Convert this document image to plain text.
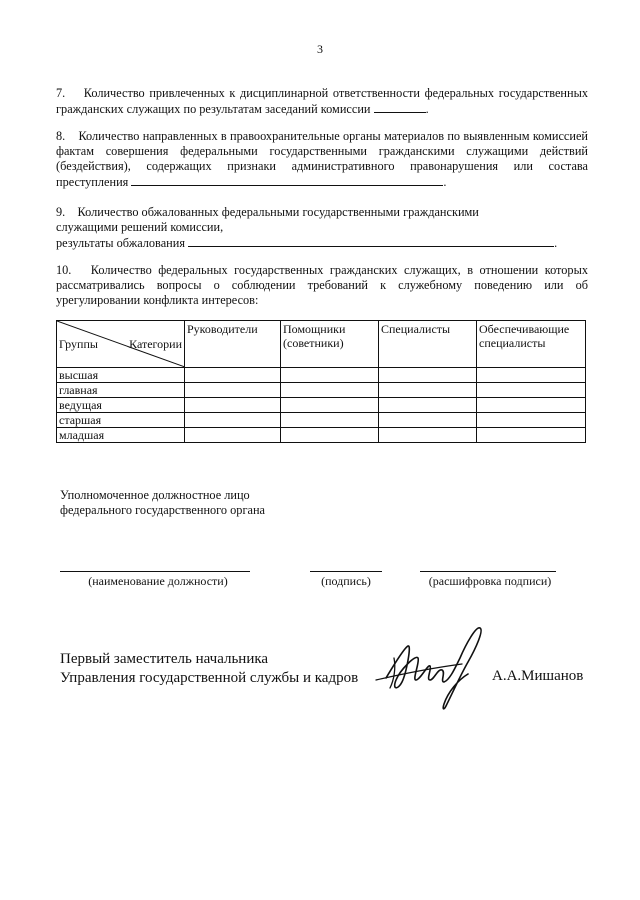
3

7. Количество привлеченных к дисциплинарной ответственности федеральных государственных гражданских служащих по результатам заседаний комиссии	.

8. Количество направленных в правоохранительные органы материалов по выявленным комиссией фактам совершения федеральными государственными гражданскими служащими действий (бездействия), содержащих признаки административного правонарушения или состава преступления	.

9. Количество обжалованных федеральными государственными гражданскими

служащими решений комиссии,

результаты обжалования	.

10. Количество федеральных государственных гражданских служащих, в отношении которых рассматривались вопросы о соблюдении требований к служебному поведению или об урегулировании конфликта интересов:

Группы Категории	Руководители	Помощники (советники)	Специалисты	Обеспечивающие специалисты
высшая				
главная				
ведущая				
старшая				
младшая				

Уполномоченное должностное лицо

федерального государственного органа

(наименование должности)	(подпись)	(расшифровка подписи)

Первый заместитель начальника

Управления государственной службы и кадров	А.А.Мишанов
